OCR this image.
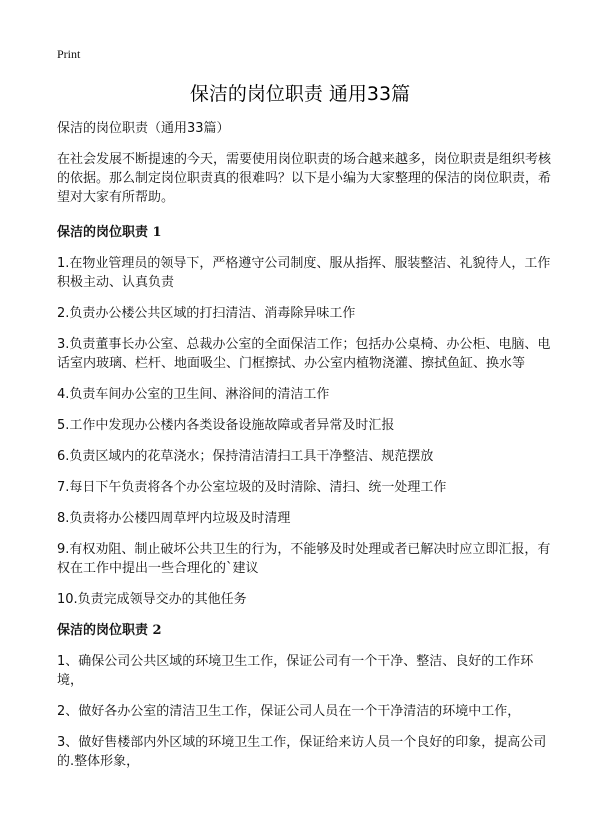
Print
保洁的岗位职责 通用33篇

保洁的岗位职责（通用33篇）

在社会发展不断提速的今天，需要使用岗位职责的场合越来越多，岗位职责是组织考核的依据。那么制定岗位职责真的很难吗？以下是小编为大家整理的保洁的岗位职责，希望对大家有所帮助。

保洁的岗位职责 1

1.在物业管理员的领导下，严格遵守公司制度、服从指挥、服装整洁、礼貌待人，工作积极主动、认真负责

2.负责办公楼公共区域的打扫清洁、消毒除异味工作

3.负责董事长办公室、总裁办公室的全面保洁工作；包括办公桌椅、办公柜、电脑、电话室内玻璃、栏杆、地面吸尘、门框擦拭、办公室内植物浇灌、擦拭鱼缸、换水等

4.负责车间办公室的卫生间、淋浴间的清洁工作

5.工作中发现办公楼内各类设备设施故障或者异常及时汇报

6.负责区域内的花草浇水；保持清洁清扫工具干净整洁、规范摆放

7.每日下午负责将各个办公室垃圾的及时清除、清扫、统一处理工作

8.负责将办公楼四周草坪内垃圾及时清理

9.有权劝阻、制止破坏公共卫生的行为，不能够及时处理或者已解决时应立即汇报，有权在工作中提出一些合理化的`建议

10.负责完成领导交办的其他任务

保洁的岗位职责 2

1、确保公司公共区域的环境卫生工作，保证公司有一个干净、整洁、良好的工作环境，

2、做好各办公室的清洁卫生工作，保证公司人员在一个干净清洁的环境中工作，

3、做好售楼部内外区域的环境卫生工作，保证给来访人员一个良好的印象，提高公司的.整体形象，
